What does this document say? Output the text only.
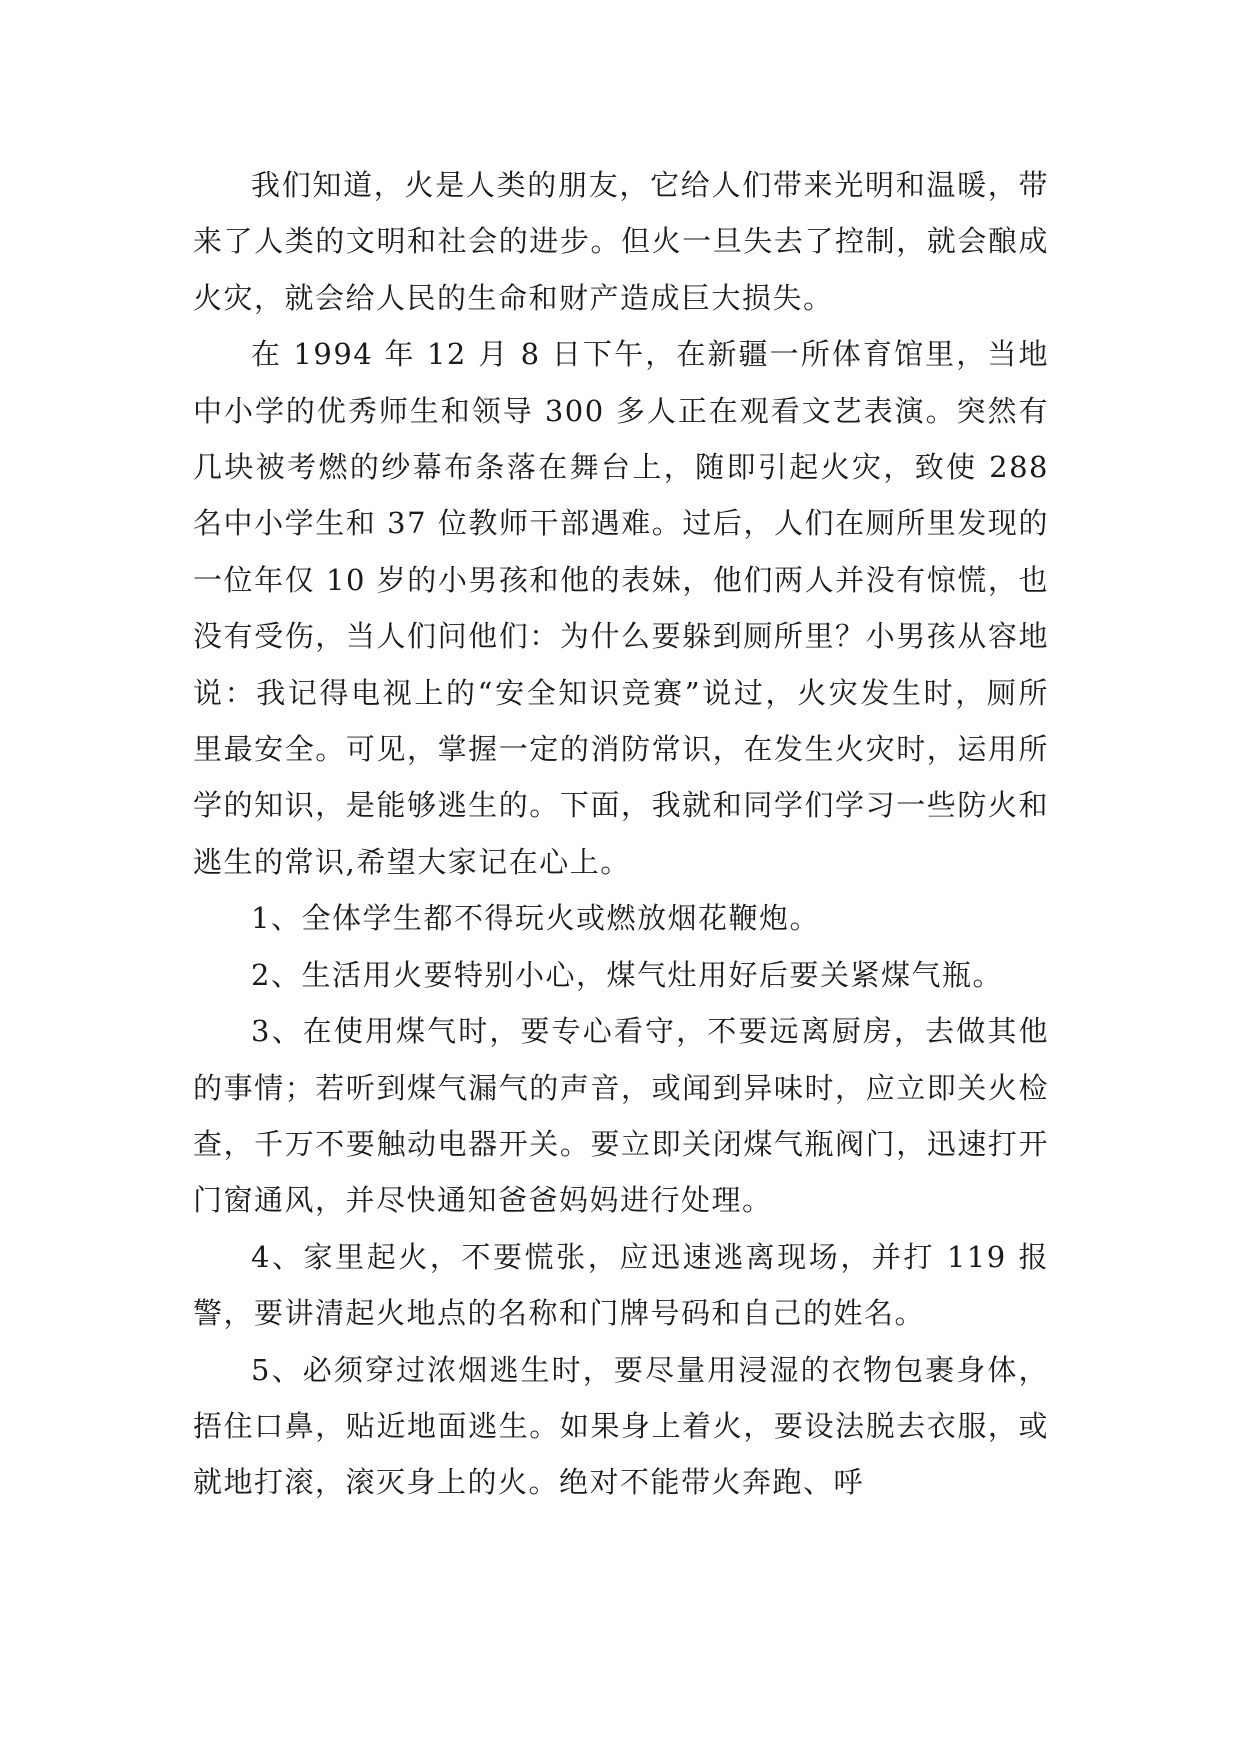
我们知道，火是人类的朋友，它给人们带来光明和温暖，带来了人类的文明和社会的进步。但火一旦失去了控制，就会酿成火灾，就会给人民的生命和财产造成巨大损失。

在 1994 年 12 月 8 日下午，在新疆一所体育馆里，当地中小学的优秀师生和领导 300 多人正在观看文艺表演。突然有几块被考燃的纱幕布条落在舞台上，随即引起火灾，致使 288 名中小学生和 37 位教师干部遇难。过后，人们在厕所里发现的一位年仅 10 岁的小男孩和他的表妹，他们两人并没有惊慌，也没有受伤，当人们问他们：为什么要躲到厕所里？小男孩从容地说：我记得电视上的“安全知识竞赛”说过，火灾发生时，厕所里最安全。可见，掌握一定的消防常识，在发生火灾时，运用所学的知识，是能够逃生的。下面，我就和同学们学习一些防火和逃生的常识,希望大家记在心上。

1、全体学生都不得玩火或燃放烟花鞭炮。

2、生活用火要特别小心，煤气灶用好后要关紧煤气瓶。

3、在使用煤气时，要专心看守，不要远离厨房，去做其他的事情；若听到煤气漏气的声音，或闻到异味时，应立即关火检查，千万不要触动电器开关。要立即关闭煤气瓶阀门，迅速打开门窗通风，并尽快通知爸爸妈妈进行处理。

4、家里起火，不要慌张，应迅速逃离现场，并打 119 报警，要讲清起火地点的名称和门牌号码和自己的姓名。

5、必须穿过浓烟逃生时，要尽量用浸湿的衣物包裹身体，捂住口鼻，贴近地面逃生。如果身上着火，要设法脱去衣服，或就地打滚，滚灭身上的火。绝对不能带火奔跑、呼
